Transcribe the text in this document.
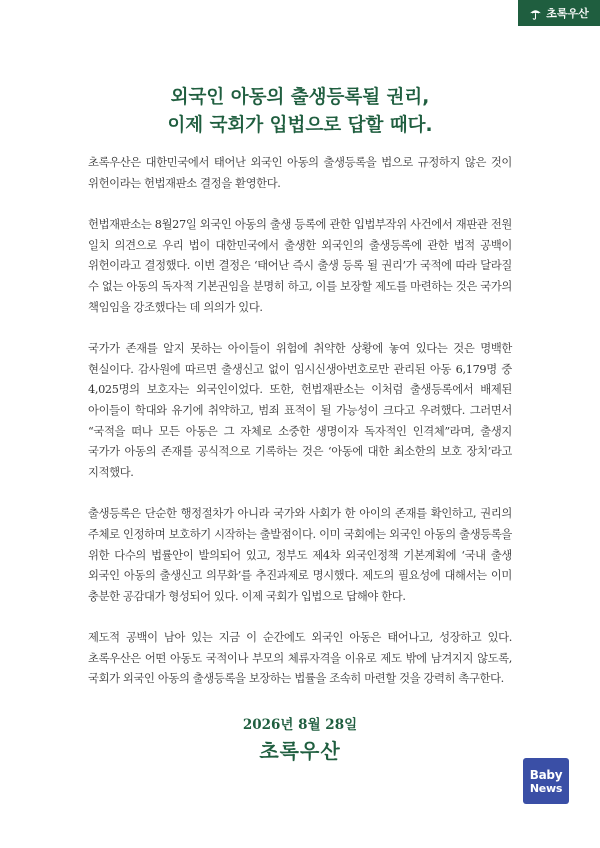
초록우산
외국인 아동의 출생등록될 권리,
이제 국회가 입법으로 답할 때다.

초록우산은 대한민국에서 태어난 외국인 아동의 출생등록을 법으로 규정하지 않은 것이 위헌이라는 헌법재판소 결정을 환영한다.

헌법재판소는 8월27일 외국인 아동의 출생 등록에 관한 입법부작위 사건에서 재판관 전원 일치 의견으로 우리 법이 대한민국에서 출생한 외국인의 출생등록에 관한 법적 공백이 위헌이라고 결정했다. 이번 결정은 ‘태어난 즉시 출생 등록 될 권리’가 국적에 따라 달라질 수 없는 아동의 독자적 기본권임을 분명히 하고, 이를 보장할 제도를 마련하는 것은 국가의 책임임을 강조했다는 데 의의가 있다.

국가가 존재를 알지 못하는 아이들이 위험에 취약한 상황에 놓여 있다는 것은 명백한 현실이다. 감사원에 따르면 출생신고 없이 임시신생아번호로만 관리된 아동 6,179명 중 4,025명의 보호자는 외국인이었다. 또한, 헌법재판소는 이처럼 출생등록에서 배제된 아이들이 학대와 유기에 취약하고, 범죄 표적이 될 가능성이 크다고 우려했다. 그러면서 “국적을 떠나 모든 아동은 그 자체로 소중한 생명이자 독자적인 인격체”라며, 출생지 국가가 아동의 존재를 공식적으로 기록하는 것은 ‘아동에 대한 최소한의 보호 장치’라고 지적했다.

출생등록은 단순한 행정절차가 아니라 국가와 사회가 한 아이의 존재를 확인하고, 권리의 주체로 인정하며 보호하기 시작하는 출발점이다. 이미 국회에는 외국인 아동의 출생등록을 위한 다수의 법률안이 발의되어 있고, 정부도 제4차 외국인정책 기본계획에 ‘국내 출생 외국인 아동의 출생신고 의무화’를 추진과제로 명시했다. 제도의 필요성에 대해서는 이미 충분한 공감대가 형성되어 있다. 이제 국회가 입법으로 답해야 한다.

제도적 공백이 남아 있는 지금 이 순간에도 외국인 아동은 태어나고, 성장하고 있다. 초록우산은 어떤 아동도 국적이나 부모의 체류자격을 이유로 제도 밖에 남겨지지 않도록, 국회가 외국인 아동의 출생등록을 보장하는 법률을 조속히 마련할 것을 강력히 촉구한다.

2026년 8월 28일
초록우산
Baby
News
